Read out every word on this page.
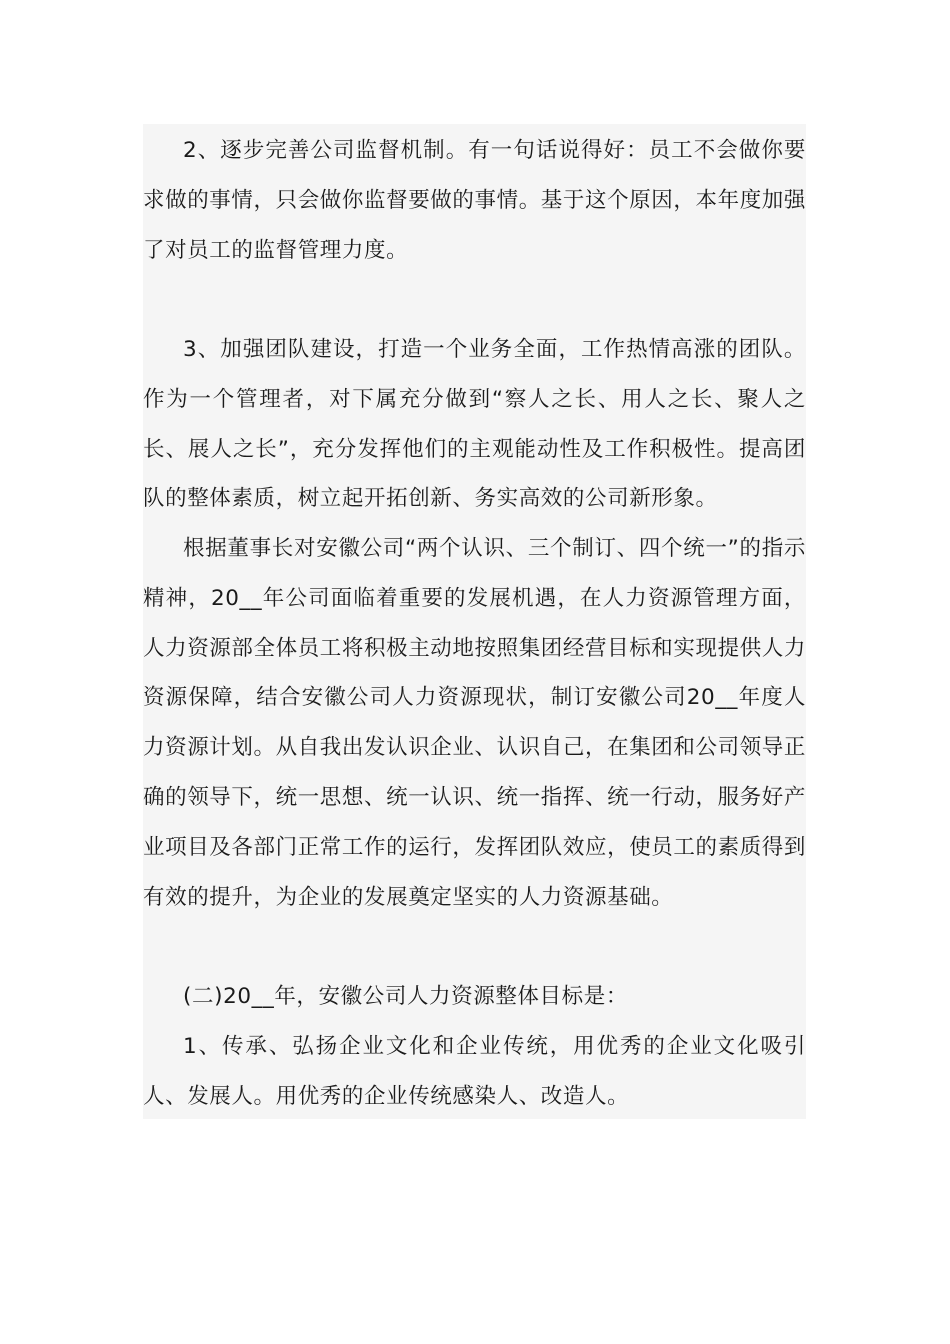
2、逐步完善公司监督机制。有一句话说得好：员工不会做你要求做的事情，只会做你监督要做的事情。基于这个原因，本年度加强了对员工的监督管理力度。

3、加强团队建设，打造一个业务全面，工作热情高涨的团队。作为一个管理者，对下属充分做到“察人之长、用人之长、聚人之长、展人之长”，充分发挥他们的主观能动性及工作积极性。提高团队的整体素质，树立起开拓创新、务实高效的公司新形象。

根据董事长对安徽公司“两个认识、三个制订、四个统一”的指示精神，20__年公司面临着重要的发展机遇，在人力资源管理方面，人力资源部全体员工将积极主动地按照集团经营目标和实现提供人力资源保障，结合安徽公司人力资源现状，制订安徽公司20__年度人力资源计划。从自我出发认识企业、认识自己，在集团和公司领导正确的领导下，统一思想、统一认识、统一指挥、统一行动，服务好产业项目及各部门正常工作的运行，发挥团队效应，使员工的素质得到有效的提升，为企业的发展奠定坚实的人力资源基础。

(二)20__年，安徽公司人力资源整体目标是：

1、传承、弘扬企业文化和企业传统，用优秀的企业文化吸引人、发展人。用优秀的企业传统感染人、改造人。
